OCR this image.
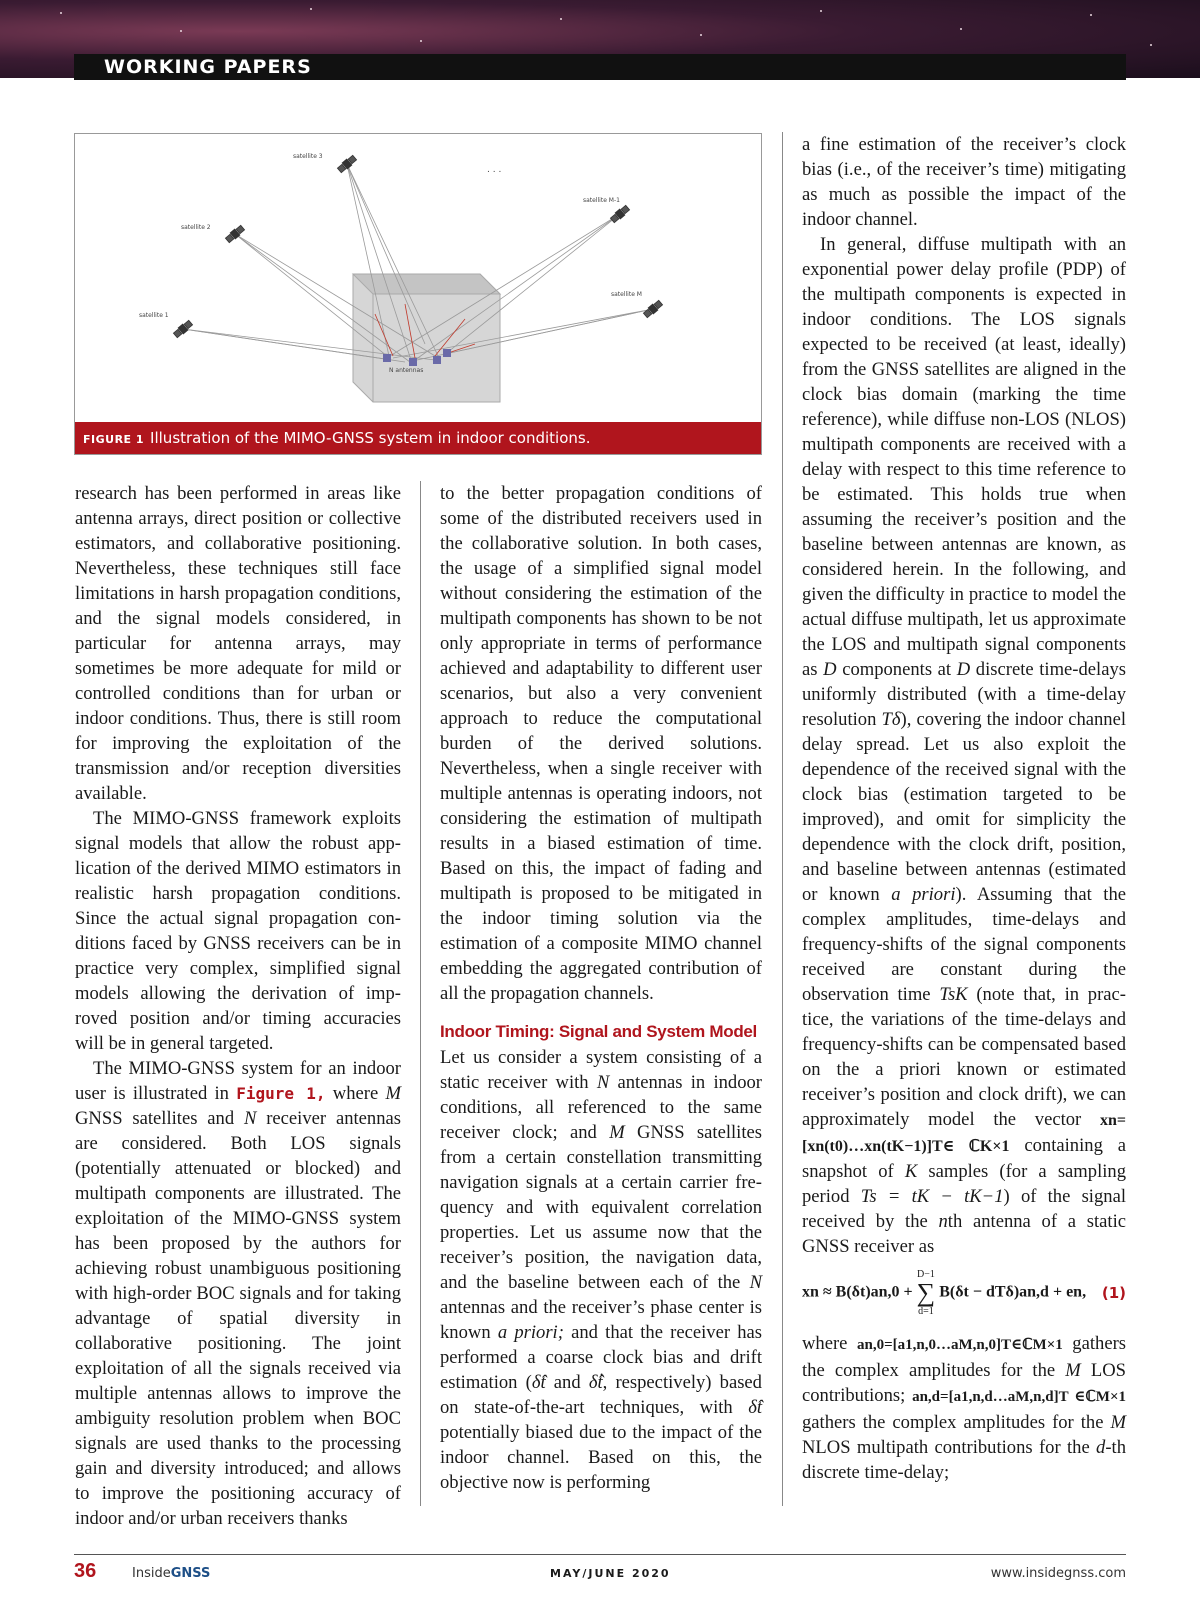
WORKING PAPERS
satellite 1
satellite 2
satellite 3
satellite M-1
satellite M
N antennas
. . .
FIGURE 1 Illustration of the MIMO-GNSS system in indoor conditions.

research has been performed in areas like antenna arrays, direct position or collective estimators, and collaborative positioning. Nevertheless, these techniques still face limitations in harsh propagation conditions, and the signal models considered, in particular for antenna arrays, may sometimes be more adequate for mild or controlled conditions than for urban or indoor conditions. Thus, there is still room for improving the exploitation of the transmission and/or reception diversities available.

The MIMO-GNSS framework exploits signal models that allow the robust application of the derived MIMO estimators in realistic harsh propagation conditions. Since the actual signal propagation conditions faced by GNSS receivers can be in practice very complex, simplified signal models allowing the derivation of improved position and/or timing accuracies will be in general targeted.

The MIMO-GNSS system for an indoor user is illustrated in Figure 1, where M GNSS satellites and N receiver antennas are considered. Both LOS signals (potentially attenuated or blocked) and multipath components are illustrated. The exploitation of the MIMO-GNSS system has been proposed by the authors for achieving robust unambiguous positioning with high-order BOC signals and for taking advantage of spatial diversity in collaborative positioning. The joint exploitation of all the signals received via multiple antennas allows to improve the ambiguity resolution problem when BOC signals are used thanks to the processing gain and diversity introduced; and allows to improve the positioning accuracy of indoor and/or urban receivers thanks

to the better propagation conditions of some of the distributed receivers used in the collaborative solution. In both cases, the usage of a simplified signal model without considering the estimation of the multipath components has shown to be not only appropriate in terms of performance achieved and adaptability to different user scenarios, but also a very convenient approach to reduce the computational burden of the derived solutions. Nevertheless, when a single receiver with multiple antennas is operating indoors, not considering the estimation of multipath results in a biased estimation of time. Based on this, the impact of fading and multipath is proposed to be mitigated in the indoor timing solution via the estimation of a composite MIMO channel embedding the aggregated contribution of all the propagation channels.

Indoor Timing: Signal and System Model

Let us consider a system consisting of a static receiver with N antennas in indoor conditions, all referenced to the same receiver clock; and M GNSS satellites from a certain constellation transmitting navigation signals at a certain carrier frequency and with equivalent correlation properties. Let us assume now that the receiver’s position, the navigation data, and the baseline between each of the N antennas and the receiver’s phase center is known a priori; and that the receiver has performed a coarse clock bias and drift estimation (δ̂t and δ̂ṫ, respectively) based on state-of-the-art techniques, with δ̂t potentially biased due to the impact of the indoor channel. Based on this, the objective now is performing

a fine estimation of the receiver’s clock bias (i.e., of the receiver’s time) mitigating as much as possible the impact of the indoor channel.

In general, diffuse multipath with an exponential power delay profile (PDP) of the multipath components is expected in indoor conditions. The LOS signals expected to be received (at least, ideally) from the GNSS satellites are aligned in the clock bias domain (marking the time reference), while diffuse non-LOS (NLOS) multipath components are received with a delay with respect to this time reference to be estimated. This holds true when assuming the receiver’s position and the baseline between antennas are known, as considered herein. In the following, and given the difficulty in practice to model the actual diffuse multipath, let us approximate the LOS and multipath signal components as D components at D discrete time-delays uniformly distributed (with a time-delay resolution Tδ), covering the indoor channel delay spread. Let us also exploit the dependence of the received signal with the clock bias (estimation targeted to be improved), and omit for simplicity the dependence with the clock drift, position, and baseline between antennas (estimated or known a priori). Assuming that the complex amplitudes, time-delays and frequency-shifts of the signal components received are constant during the observation time TsK (note that, in practice, the variations of the time-delays and frequency-shifts can be compensated based on the a priori known or estimated receiver’s position and clock drift), we can approximately model the vector xn=[xn(t0)…xn(tK−1)]T∈ ℂK×1 containing a snapshot of K samples (for a sampling period Ts = tK − tK−1) of the signal received by the nth antenna of a static GNSS receiver as

xn ≈ B(δt)an,0 +
D−1
∑
d=1
B(δt − dTδ)an,d + en, (1)

where an,0=[a1,n,0…aM,n,0]T∈ℂM×1 gathers the complex amplitudes for the M LOS contributions; an,d=[a1,n,d…aM,n,d]T ∈ℂM×1 gathers the complex amplitudes for the M NLOS multipath contributions for the d-th discrete time-delay;

36	InsideGNSS	MAY/JUNE 2020	www.insidegnss.com
